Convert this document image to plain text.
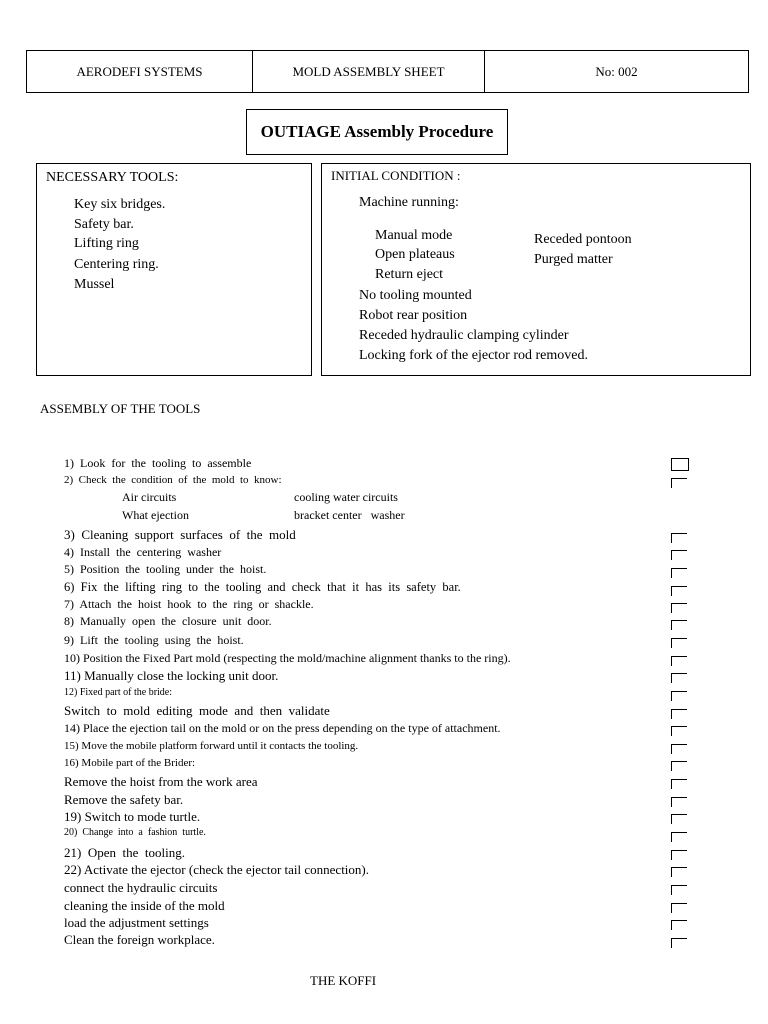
AERODEFI SYSTEMS	MOLD ASSEMBLY SHEET	No: 002
OUTIAGE Assembly Procedure
NECESSARY TOOLS:
Key six bridges.
Safety bar.
Lifting ring
Centering ring.
Mussel
INITIAL CONDITION :
Machine running:
Manual mode
Open plateaus
Return eject
Receded pontoon
Purged matter
No tooling mounted
Robot rear position
Receded hydraulic clamping cylinder
Locking fork of the ejector rod removed.
ASSEMBLY OF THE TOOLS
1)  Look  for  the  tooling  to  assemble
2)  Check  the  condition  of  the  mold  to  know:
Air circuits	cooling water circuits
What ejection	bracket center   washer
3)  Cleaning  support  surfaces  of  the  mold
4)  Install  the  centering  washer
5)  Position  the  tooling  under  the  hoist.
6)  Fix  the  lifting  ring  to  the  tooling  and  check  that  it  has  its  safety  bar.
7)  Attach  the  hoist  hook  to  the  ring  or  shackle.
8)  Manually  open  the  closure  unit  door.
9)  Lift  the  tooling  using  the  hoist.
10) Position the Fixed Part mold (respecting the mold/machine alignment thanks to the ring).
11) Manually close the locking unit door.
12) Fixed part of the bride:
Switch  to  mold  editing  mode  and  then  validate
14) Place the ejection tail on the mold or on the press depending on the type of attachment.
15) Move the mobile platform forward until it contacts the tooling.
16) Mobile part of the Brider:
Remove the hoist from the work area
Remove the safety bar.
19) Switch to mode turtle.
20)  Change  into  a  fashion  turtle.
21)  Open  the  tooling.
22) Activate the ejector (check the ejector tail connection).
connect the hydraulic circuits
cleaning the inside of the mold
load the adjustment settings
Clean the foreign workplace.
THE KOFFI
